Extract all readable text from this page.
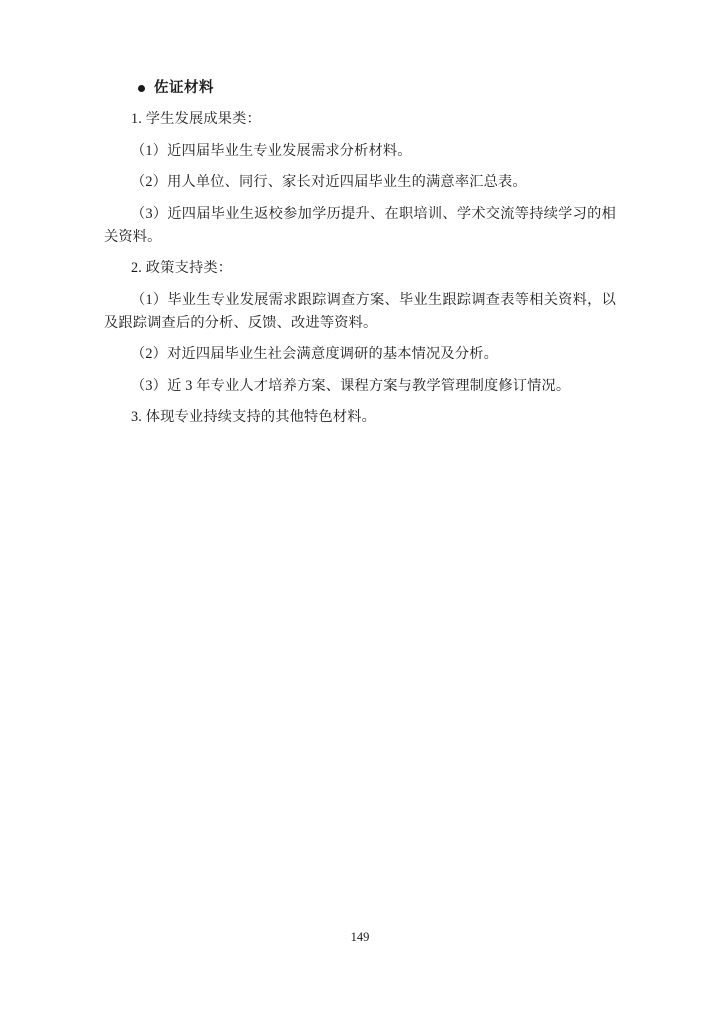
佐证材料

1. 学生发展成果类：

（1）近四届毕业生专业发展需求分析材料。

（2）用人单位、同行、家长对近四届毕业生的满意率汇总表。

（3）近四届毕业生返校参加学历提升、在职培训、学术交流等持续学习的相关资料。

2. 政策支持类：

（1）毕业生专业发展需求跟踪调查方案、毕业生跟踪调查表等相关资料，以及跟踪调查后的分析、反馈、改进等资料。

（2）对近四届毕业生社会满意度调研的基本情况及分析。

（3）近 3 年专业人才培养方案、课程方案与教学管理制度修订情况。

3. 体现专业持续支持的其他特色材料。

149
